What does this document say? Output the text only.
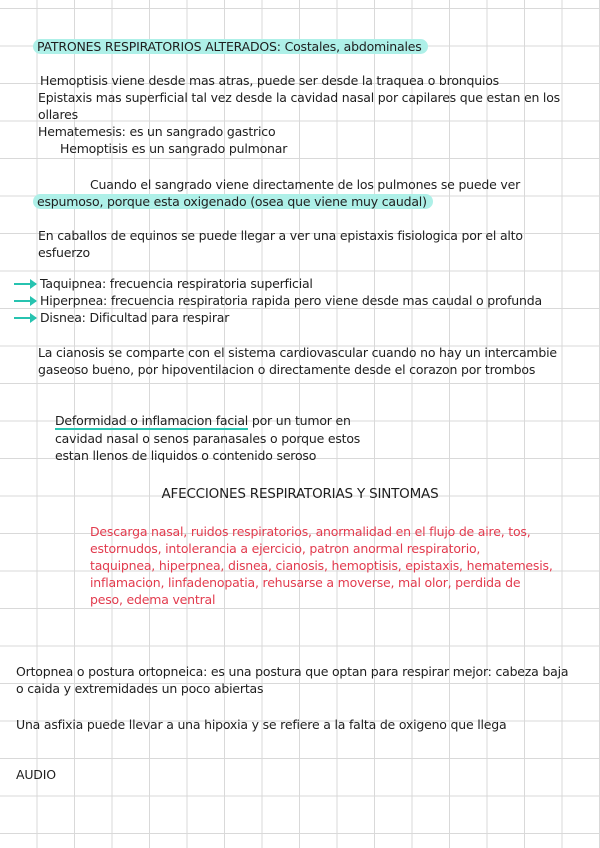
PATRONES RESPIRATORIOS ALTERADOS: Costales, abdominales

Hemoptisis viene desde mas atras, puede ser desde la traquea o bronquios

Epistaxis mas superficial tal vez desde la cavidad nasal por capilares que estan en los

ollares

Hematemesis: es un sangrado gastrico

Hemoptisis es un sangrado pulmonar

Cuando el sangrado viene directamente de los pulmones se puede ver

espumoso, porque esta oxigenado (osea que viene muy caudal)

En caballos de equinos se puede llegar a ver una epistaxis fisiologica por el alto

esfuerzo

Taquipnea: frecuencia respiratoria superficial

Hiperpnea: frecuencia respiratoria rapida pero viene desde mas caudal o profunda

Disnea: Dificultad para respirar

La cianosis se comparte con el sistema cardiovascular cuando no hay un intercambie

gaseoso bueno, por hipoventilacion o directamente desde el corazon por trombos

Deformidad o inflamacion facial por un tumor en

cavidad nasal o senos paranasales o porque estos

estan llenos de liquidos o contenido seroso

AFECCIONES RESPIRATORIAS Y SINTOMAS

Descarga nasal, ruidos respiratorios, anormalidad en el flujo de aire, tos,

estornudos, intolerancia a ejercicio, patron anormal respiratorio,

taquipnea, hiperpnea, disnea, cianosis, hemoptisis, epistaxis, hematemesis,

inflamacion, linfadenopatia, rehusarse a moverse, mal olor, perdida de

peso, edema ventral

Ortopnea o postura ortopneica: es una postura que optan para respirar mejor: cabeza baja

o caida y extremidades un poco abiertas

Una asfixia puede llevar a una hipoxia y se refiere a la falta de oxigeno que llega

AUDIO
